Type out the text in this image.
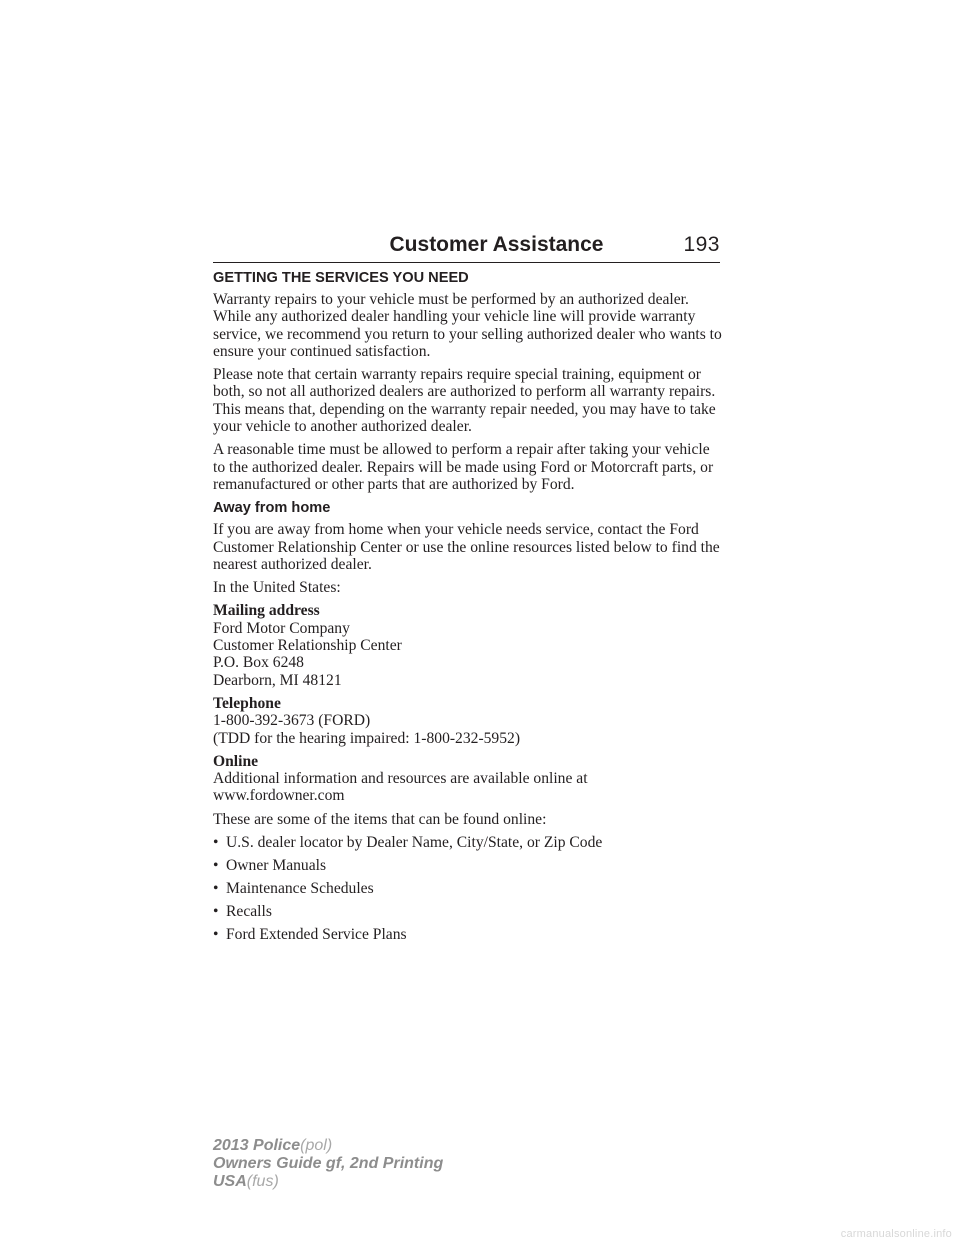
Customer Assistance	193
GETTING THE SERVICES YOU NEED

Warranty repairs to your vehicle must be performed by an authorized dealer. While any authorized dealer handling your vehicle line will provide warranty service, we recommend you return to your selling authorized dealer who wants to ensure your continued satisfaction.

Please note that certain warranty repairs require special training, equipment or both, so not all authorized dealers are authorized to perform all warranty repairs. This means that, depending on the warranty repair needed, you may have to take your vehicle to another authorized dealer.

A reasonable time must be allowed to perform a repair after taking your vehicle to the authorized dealer. Repairs will be made using Ford or Motorcraft parts, or remanufactured or other parts that are authorized by Ford.

Away from home

If you are away from home when your vehicle needs service, contact the Ford Customer Relationship Center or use the online resources listed below to find the nearest authorized dealer.

In the United States:

Mailing address
Ford Motor Company
Customer Relationship Center
P.O. Box 6248
Dearborn, MI 48121
Telephone
1-800-392-3673 (FORD)
(TDD for the hearing impaired: 1-800-232-5952)
Online
Additional information and resources are available online at
www.fordowner.com

These are some of the items that can be found online:

• U.S. dealer locator by Dealer Name, City/State, or Zip Code
• Owner Manuals
• Maintenance Schedules
• Recalls
• Ford Extended Service Plans
2013 Police(pol)
Owners Guide gf, 2nd Printing
USA(fus)
carmanualsonline.info
